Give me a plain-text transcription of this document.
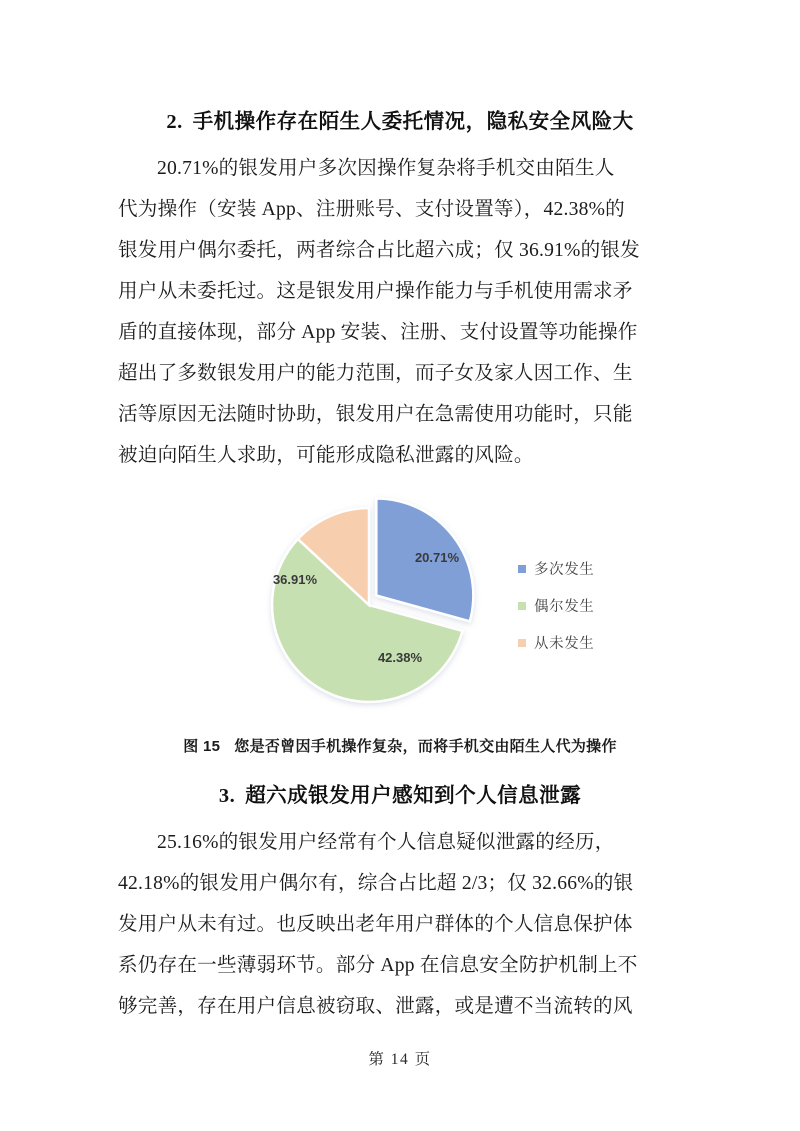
2. 手机操作存在陌生人委托情况，隐私安全风险大
20.71%的银发用户多次因操作复杂将手机交由陌生人
代为操作（安装 App、注册账号、支付设置等），42.38%的
银发用户偶尔委托，两者综合占比超六成；仅 36.91%的银发
用户从未委托过。这是银发用户操作能力与手机使用需求矛
盾的直接体现，部分 App 安装、注册、支付设置等功能操作
超出了多数银发用户的能力范围，而子女及家人因工作、生
活等原因无法随时协助，银发用户在急需使用功能时，只能
被迫向陌生人求助，可能形成隐私泄露的风险。
20.71%
42.38%
36.91%
多次发生
偶尔发生
从未发生
图 15 您是否曾因手机操作复杂，而将手机交由陌生人代为操作
3. 超六成银发用户感知到个人信息泄露
25.16%的银发用户经常有个人信息疑似泄露的经历，
42.18%的银发用户偶尔有，综合占比超 2/3；仅 32.66%的银
发用户从未有过。也反映出老年用户群体的个人信息保护体
系仍存在一些薄弱环节。部分 App 在信息安全防护机制上不
够完善，存在用户信息被窃取、泄露，或是遭不当流转的风
第 14 页
